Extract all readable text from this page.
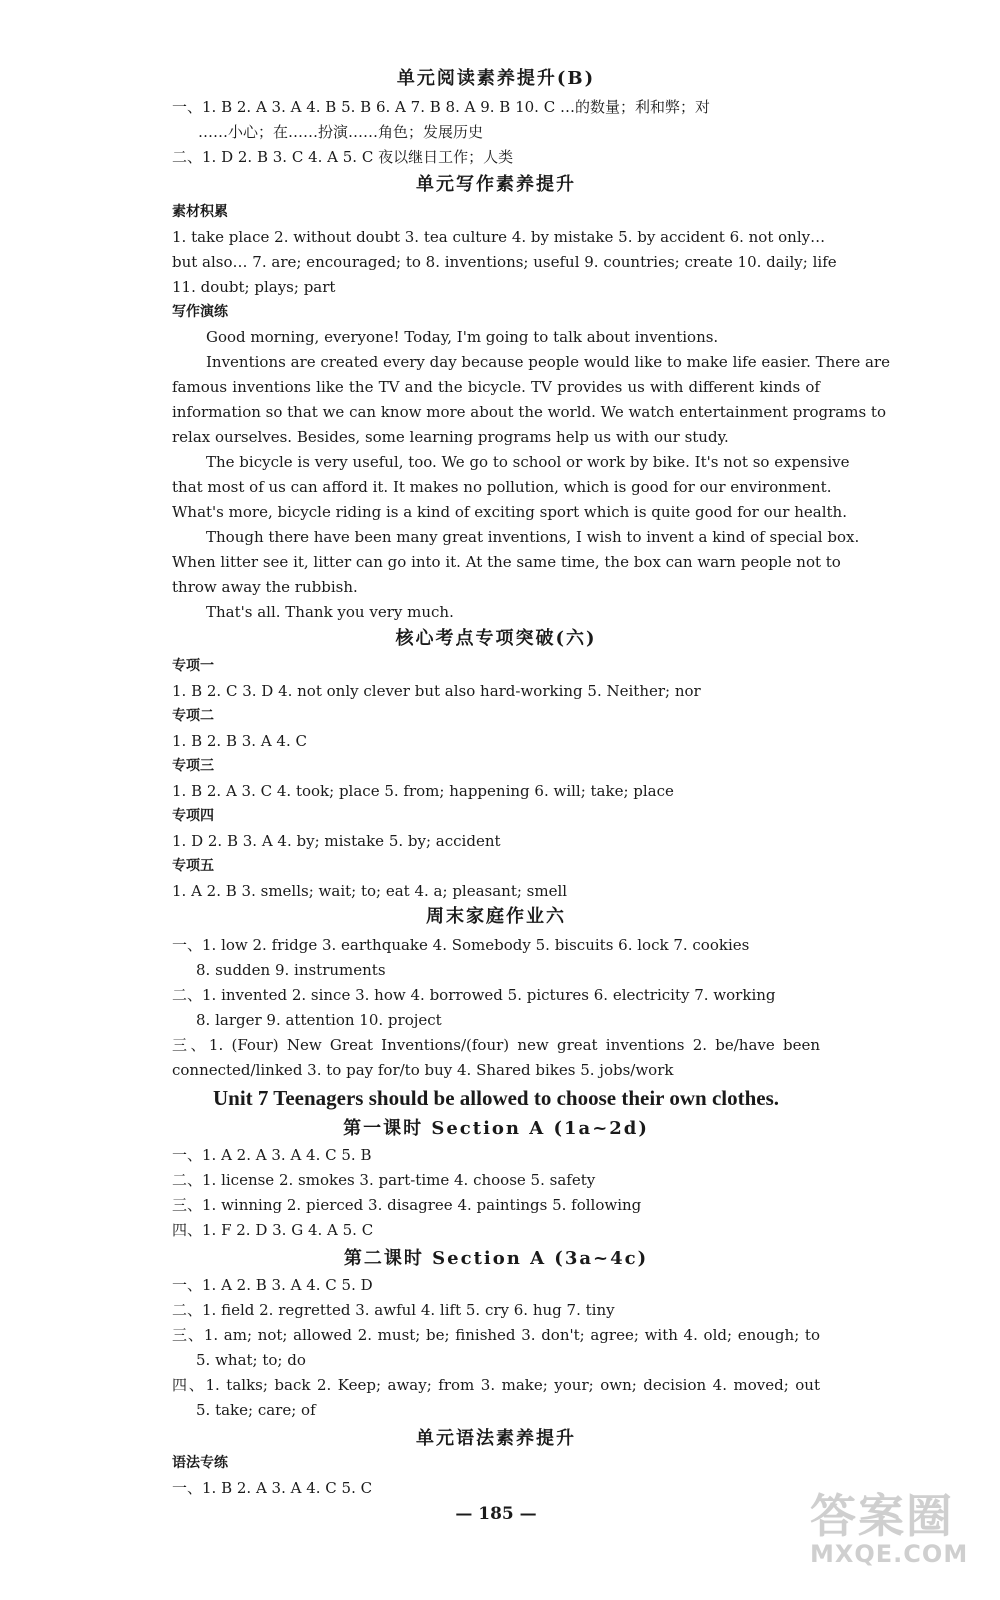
单元阅读素养提升(B)
一、1. B 2. A 3. A 4. B 5. B 6. A 7. B 8. A 9. B 10. C …的数量；利和弊；对
……小心；在……扮演……角色；发展历史
二、1. D 2. B 3. C 4. A 5. C 夜以继日工作；人类
单元写作素养提升
素材积累
1. take place 2. without doubt 3. tea culture 4. by mistake 5. by accident 6. not only…
but also… 7. are; encouraged; to 8. inventions; useful 9. countries; create 10. daily; life
11. doubt; plays; part
写作演练
Good morning, everyone! Today, I'm going to talk about inventions.
Inventions are created every day because people would like to make life easier. There are
famous inventions like the TV and the bicycle. TV provides us with different kinds of
information so that we can know more about the world. We watch entertainment programs to
relax ourselves. Besides, some learning programs help us with our study.
The bicycle is very useful, too. We go to school or work by bike. It's not so expensive
that most of us can afford it. It makes no pollution, which is good for our environment.
What's more, bicycle riding is a kind of exciting sport which is quite good for our health.
Though there have been many great inventions, I wish to invent a kind of special box.
When litter see it, litter can go into it. At the same time, the box can warn people not to
throw away the rubbish.
That's all. Thank you very much.
核心考点专项突破(六)
专项一
1. B 2. C 3. D 4. not only clever but also hard-working 5. Neither; nor
专项二
1. B 2. B 3. A 4. C
专项三
1. B 2. A 3. C 4. took; place 5. from; happening 6. will; take; place
专项四
1. D 2. B 3. A 4. by; mistake 5. by; accident
专项五
1. A 2. B 3. smells; wait; to; eat 4. a; pleasant; smell
周末家庭作业六
一、1. low 2. fridge 3. earthquake 4. Somebody 5. biscuits 6. lock 7. cookies
8. sudden 9. instruments
二、1. invented 2. since 3. how 4. borrowed 5. pictures 6. electricity 7. working
8. larger 9. attention 10. project
三、1. (Four) New Great Inventions/(four) new great inventions 2. be/have been
connected/linked 3. to pay for/to buy 4. Shared bikes 5. jobs/work
Unit 7 Teenagers should be allowed to choose their own clothes.
第一课时 Section A (1a~2d)
一、1. A 2. A 3. A 4. C 5. B
二、1. license 2. smokes 3. part-time 4. choose 5. safety
三、1. winning 2. pierced 3. disagree 4. paintings 5. following
四、1. F 2. D 3. G 4. A 5. C
第二课时 Section A (3a~4c)
一、1. A 2. B 3. A 4. C 5. D
二、1. field 2. regretted 3. awful 4. lift 5. cry 6. hug 7. tiny
三、1. am; not; allowed 2. must; be; finished 3. don't; agree; with 4. old; enough; to
5. what; to; do
四、1. talks; back 2. Keep; away; from 3. make; your; own; decision 4. moved; out
5. take; care; of
单元语法素养提升
语法专练
一、1. B 2. A 3. A 4. C 5. C
— 185 —	答案圈
MXQE.COM
